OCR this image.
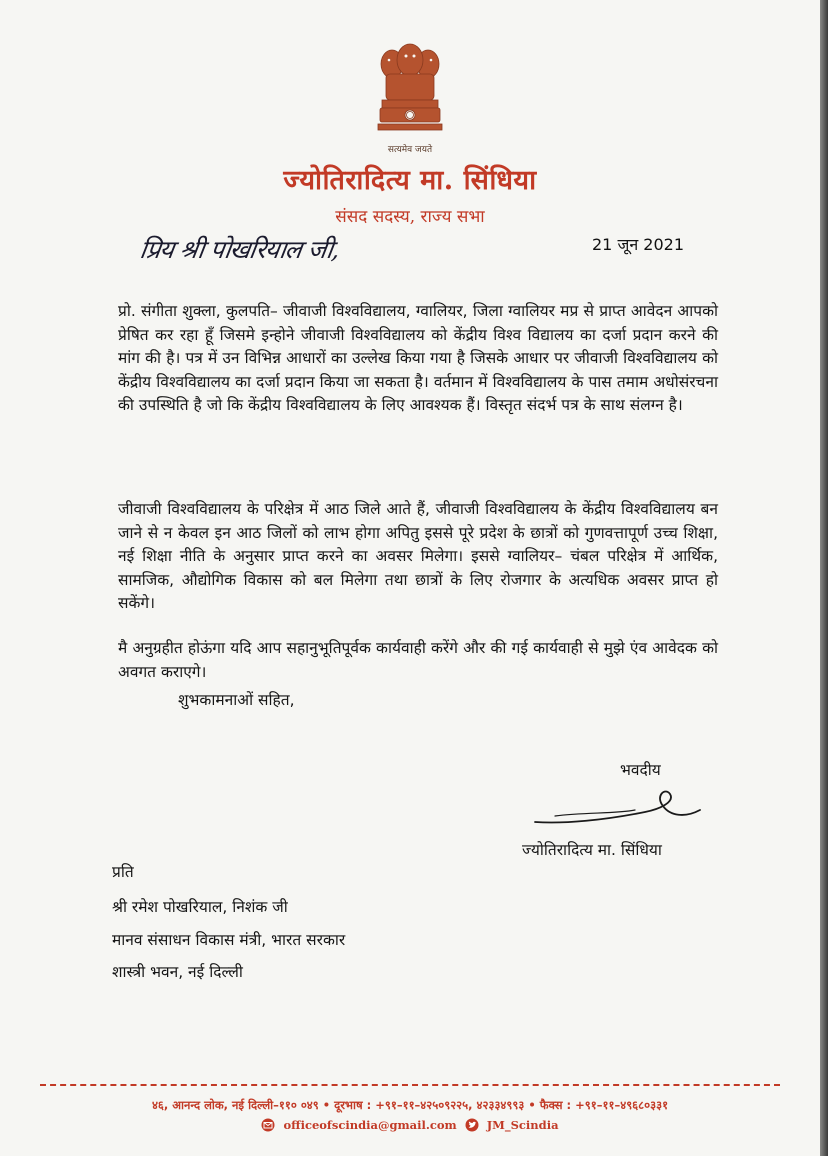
सत्यमेव जयते
ज्योतिरादित्य मा. सिंधिया
संसद सदस्य, राज्य सभा
प्रिय श्री पोखरियाल जी,	21 जून 2021
प्रो. संगीता शुक्ला, कुलपति– जीवाजी विश्वविद्यालय, ग्वालियर, जिला ग्वालियर मप्र से प्राप्त आवेदन आपको प्रेषित कर रहा हूँ जिसमे इन्होने जीवाजी विश्वविद्यालय को केंद्रीय विश्व विद्यालय का दर्जा प्रदान करने की मांग की है। पत्र में उन विभिन्न आधारों का उल्लेख किया गया है जिसके आधार पर जीवाजी विश्वविद्यालय को केंद्रीय विश्वविद्यालय का दर्जा प्रदान किया जा सकता है। वर्तमान में विश्वविद्यालय के पास तमाम अधोसंरचना की उपस्थिति है जो कि केंद्रीय विश्वविद्यालय के लिए आवश्यक हैं। विस्तृत संदर्भ पत्र के साथ संलग्न है।
जीवाजी विश्वविद्यालय के परिक्षेत्र में आठ जिले आते हैं, जीवाजी विश्वविद्यालय के केंद्रीय विश्वविद्यालय बन जाने से न केवल इन आठ जिलों को लाभ होगा अपितु इससे पूरे प्रदेश के छात्रों को गुणवत्तापूर्ण उच्च शिक्षा, नई शिक्षा नीति के अनुसार प्राप्त करने का अवसर मिलेगा। इससे ग्वालियर– चंबल परिक्षेत्र में आर्थिक, सामजिक, औद्योगिक विकास को बल मिलेगा तथा छात्रों के लिए रोजगार के अत्यधिक अवसर प्राप्त हो सकेंगे।
मै अनुग्रहीत होऊंगा यदि आप सहानुभूतिपूर्वक कार्यवाही करेंगे और की गई कार्यवाही से मुझे एंव आवेदक को अवगत कराएगे।
शुभकामनाओं सहित,
भवदीय
ज्योतिरादित्य मा. सिंधिया
प्रति
श्री रमेश पोखरियाल, निशंक जी
मानव संसाधन विकास मंत्री, भारत सरकार
शास्त्री भवन, नई दिल्ली
४६, आनन्द लोक, नई दिल्ली–११० ०४९ • दूरभाष : +९१–११–४२५०९२२५, ४२३३४९९३ • फैक्स : +९१–११–४९६८०३३१
officeofscindia@gmail.com	JM_Scindia
